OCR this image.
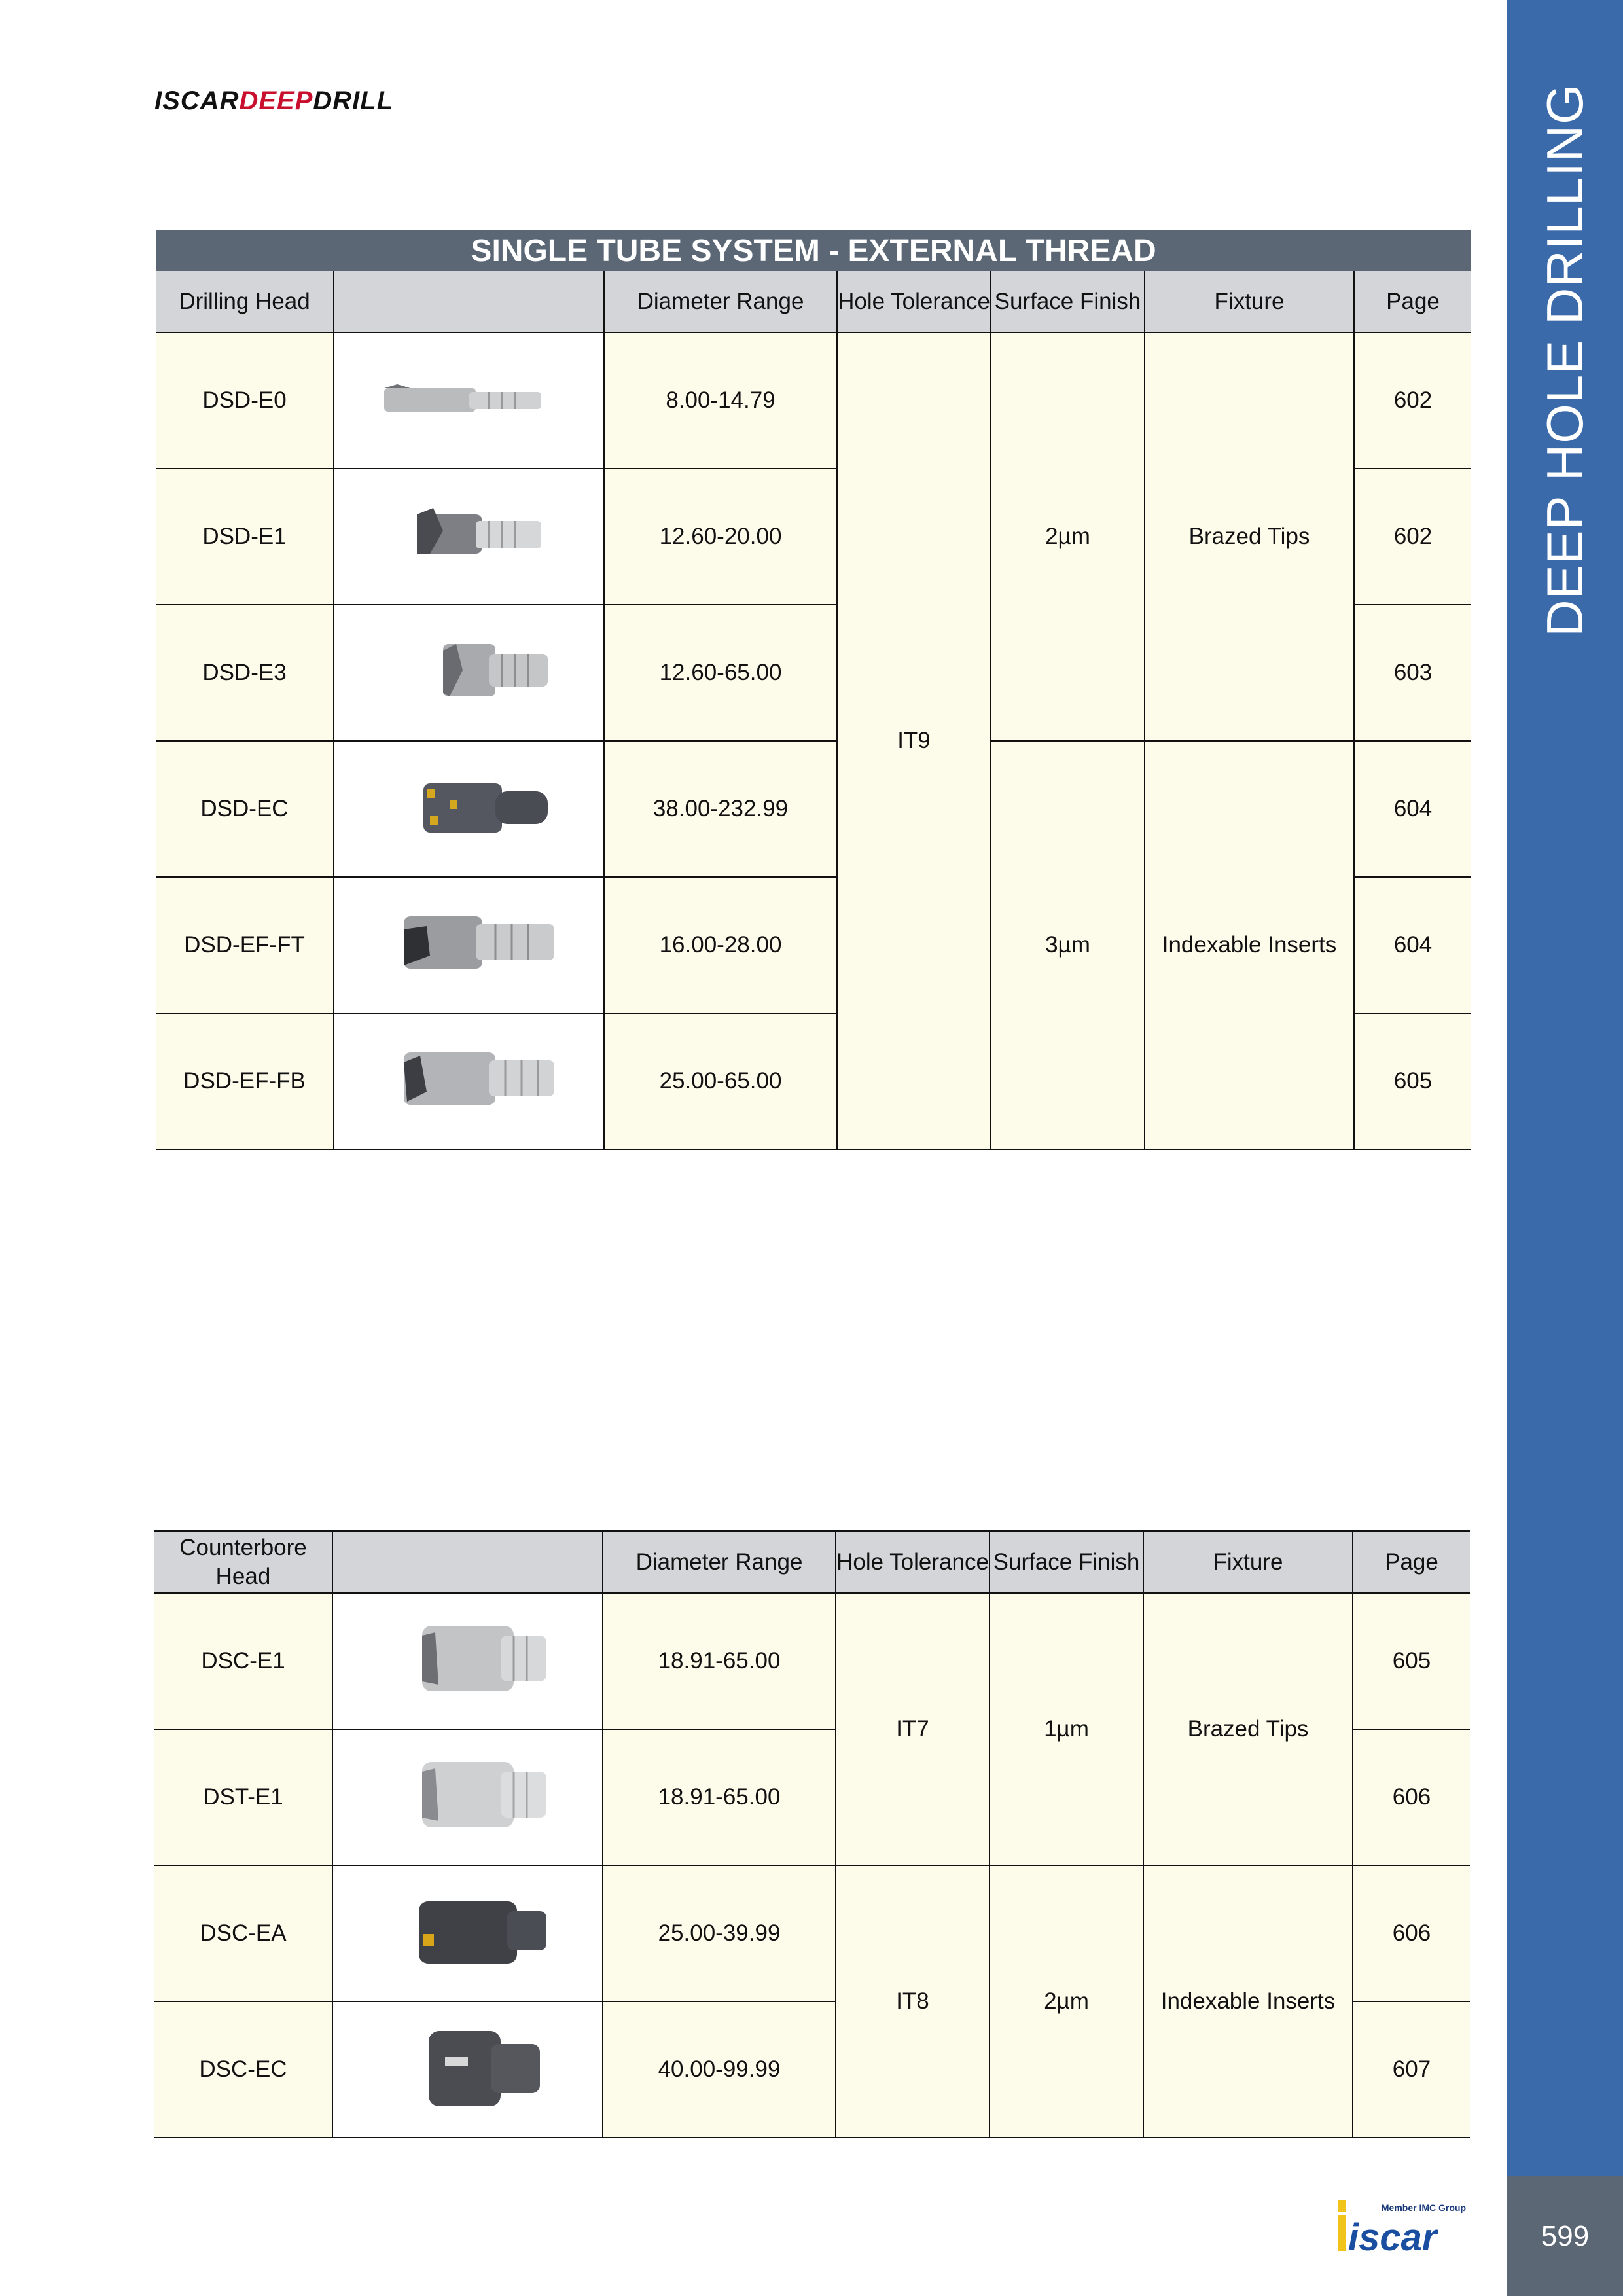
DEEP HOLE DRILLING
599
ISCARDEEPDRILL
SINGLE TUBE SYSTEM - EXTERNAL THREAD						
Drilling Head		Diameter Range	Hole Tolerance	Surface Finish	Fixture	Page
DSD-E0		8.00-14.79	IT9	2µm	Brazed Tips	602
DSD-E1		12.60-20.00				602
DSD-E3		12.60-65.00				603
DSD-EC		38.00-232.99		3µm	Indexable Inserts	604
DSD-EF-FT		16.00-28.00				604
DSD-EF-FB		25.00-65.00				605
Counterbore Head		Diameter Range	Hole Tolerance	Surface Finish	Fixture	Page
DSC-E1		18.91-65.00	IT7	1µm	Brazed Tips	605
DST-E1		18.91-65.00				606
DSC-EA		25.00-39.99	IT8	2µm	Indexable Inserts	606
DSC-EC		40.00-99.99				607
Member IMC Group
iscar
